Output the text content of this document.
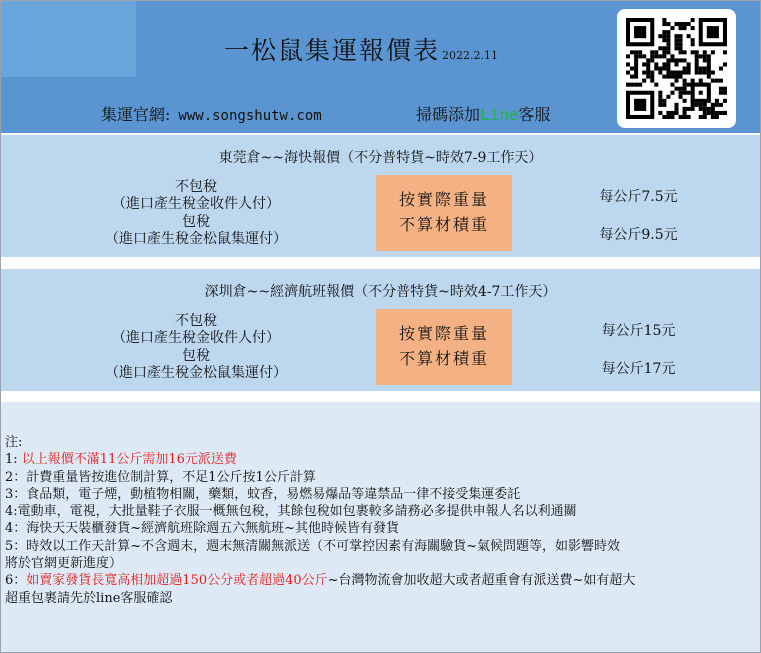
一松鼠集運報價表 2022.2.11
集運官網: www.songshutw.com	掃碼添加Line客服
東莞倉~~海快報價（不分普特貨~時效7-9工作天）
不包稅
（進口產生稅金收件人付）
包稅
（進口產生稅金松鼠集運付）
按實際重量
不算材積重
每公斤7.5元
每公斤9.5元
深圳倉~~經濟航班報價（不分普特貨~時效4-7工作天）
不包稅
（進口產生稅金收件人付）
包稅
（進口產生稅金松鼠集運付）
按實際重量
不算材積重
每公斤15元
每公斤17元
注:
1: 以上報價不滿11公斤需加16元派送費
2：計費重量皆按進位制計算，不足1公斤按1公斤計算
3：食品類，電子煙，動植物相關，藥類，蚊香，易燃易爆品等違禁品一律不接受集運委託
4:電動車，電視，大批量鞋子衣服一概無包稅，其餘包稅如包裹較多請務必多提供申報人名以利通關
4：海快天天裝櫃發貨~經濟航班除週五六無航班~其他時候皆有發貨
5：時效以工作天計算~不含週末，週末無清關無派送（不可掌控因素有海關驗貨~氣候問題等，如影響時效
將於官網更新進度）
6：如賣家發貨長寬高相加超過150公分或者超過40公斤~台灣物流會加收超大或者超重會有派送費~如有超大
超重包裹請先於line客服確認
